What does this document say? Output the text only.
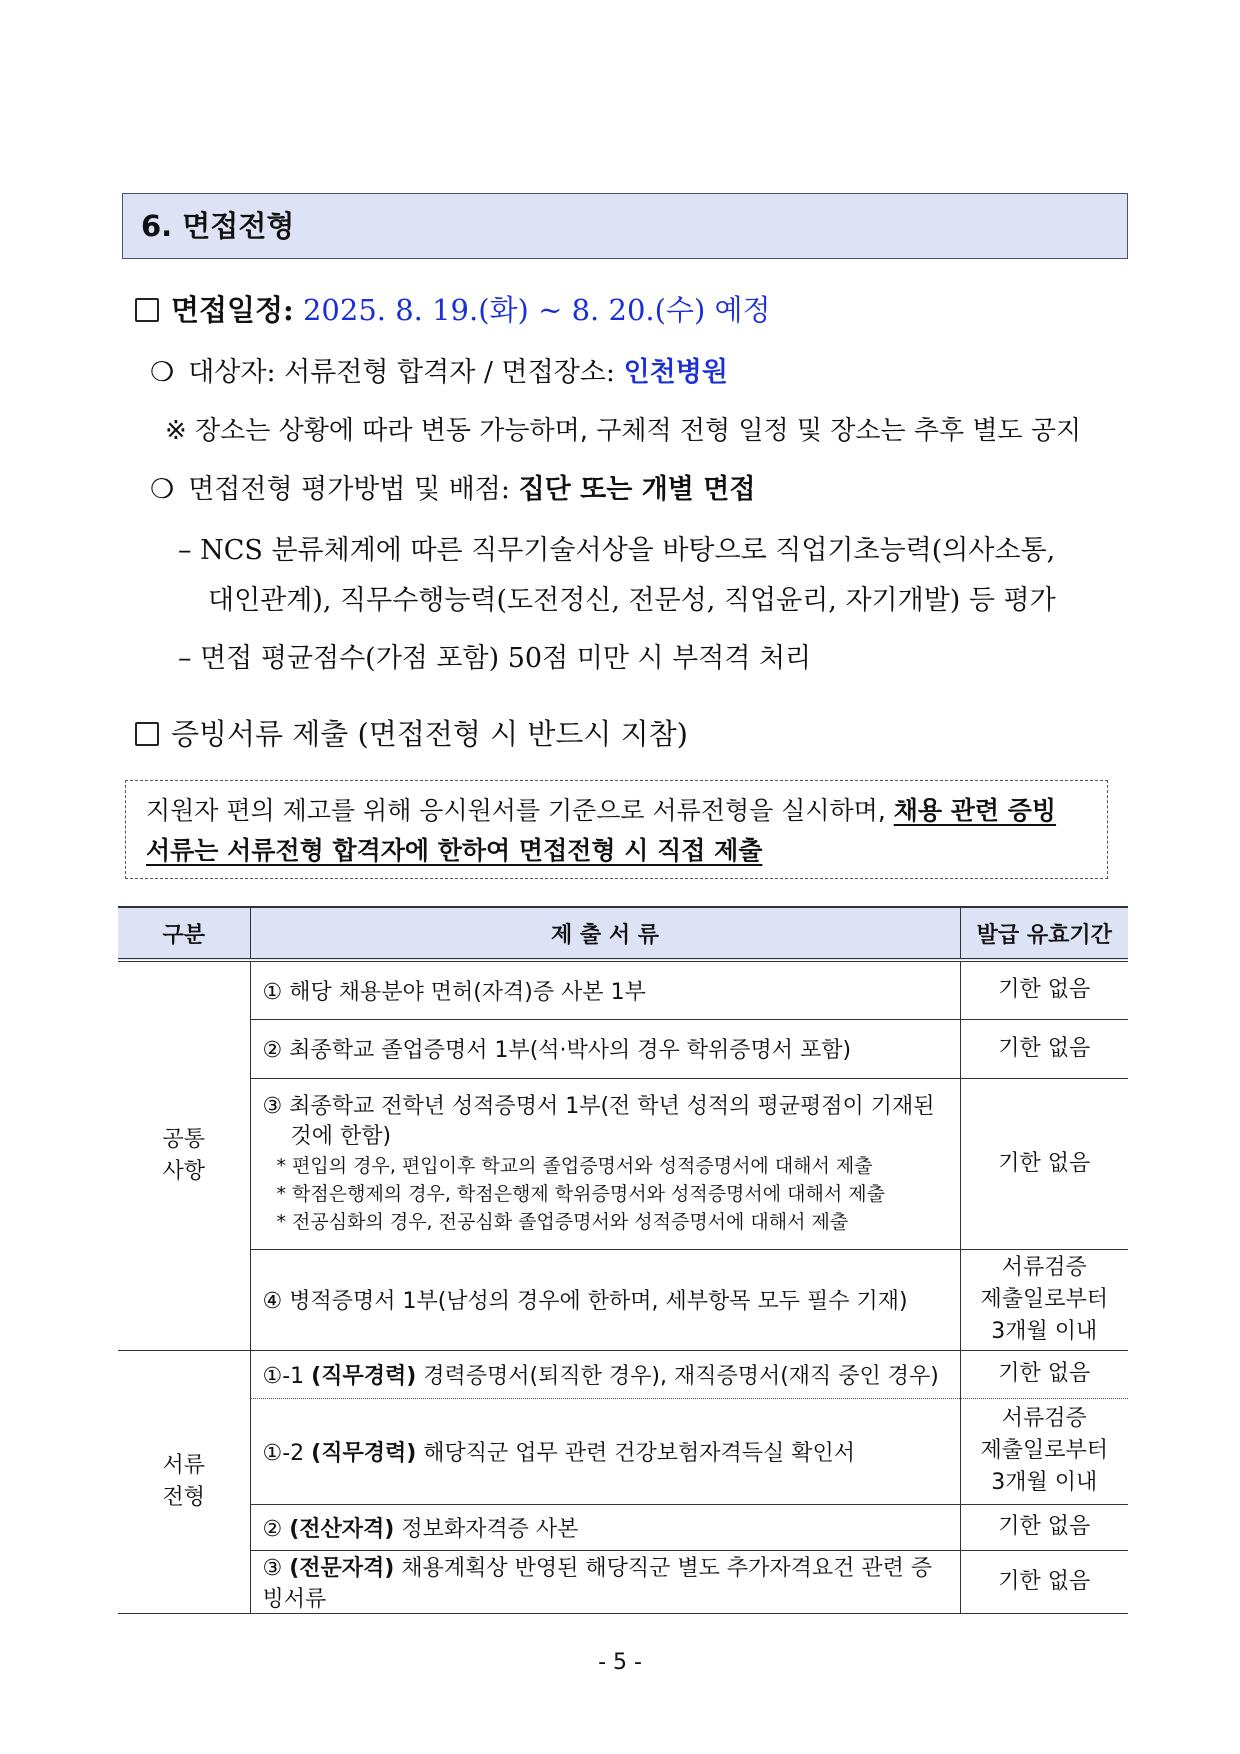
6. 면접전형
면접일정: 2025. 8. 19.(화) ~ 8. 20.(수) 예정
❍ 대상자: 서류전형 합격자 / 면접장소: 인천병원
※ 장소는 상황에 따라 변동 가능하며, 구체적 전형 일정 및 장소는 추후 별도 공지
❍ 면접전형 평가방법 및 배점: 집단 또는 개별 면접
– NCS 분류체계에 따른 직무기술서상을 바탕으로 직업기초능력(의사소통,
대인관계), 직무수행능력(도전정신, 전문성, 직업윤리, 자기개발) 등 평가
– 면접 평균점수(가점 포함) 50점 미만 시 부적격 처리
증빙서류 제출 (면접전형 시 반드시 지참)
지원자 편의 제고를 위해 응시원서를 기준으로 서류전형을 실시하며, 채용 관련 증빙
서류는 서류전형 합격자에 한하여 면접전형 시 직접 제출
구분	제 출 서 류	발급 유효기간
공통
사항	① 해당 채용분야 면허(자격)증 사본 1부	기한 없음
	② 최종학교 졸업증명서 1부(석·박사의 경우 학위증명서 포함)	기한 없음

	③ 최종학교 전학년 성적증명서 1부(전 학년 성적의 평균평점이 기재된
것에 한함)
* 편입의 경우, 편입이후 학교의 졸업증명서와 성적증명서에 대해서 제출
* 학점은행제의 경우, 학점은행제 학위증명서와 성적증명서에 대해서 제출
* 전공심화의 경우, 전공심화 졸업증명서와 성적증명서에 대해서 제출	기한 없음
	④ 병적증명서 1부(남성의 경우에 한하며, 세부항목 모두 필수 기재)	서류검증
제출일로부터
3개월 이내
서류
전형	①-1 (직무경력) 경력증명서(퇴직한 경우), 재직증명서(재직 중인 경우)	기한 없음
	①-2 (직무경력) 해당직군 업무 관련 건강보험자격득실 확인서	서류검증
제출일로부터
3개월 이내
	② (전산자격) 정보화자격증 사본	기한 없음
	③ (전문자격) 채용계획상 반영된 해당직군 별도 추가자격요건 관련 증빙서류	기한 없음
- 5 -
